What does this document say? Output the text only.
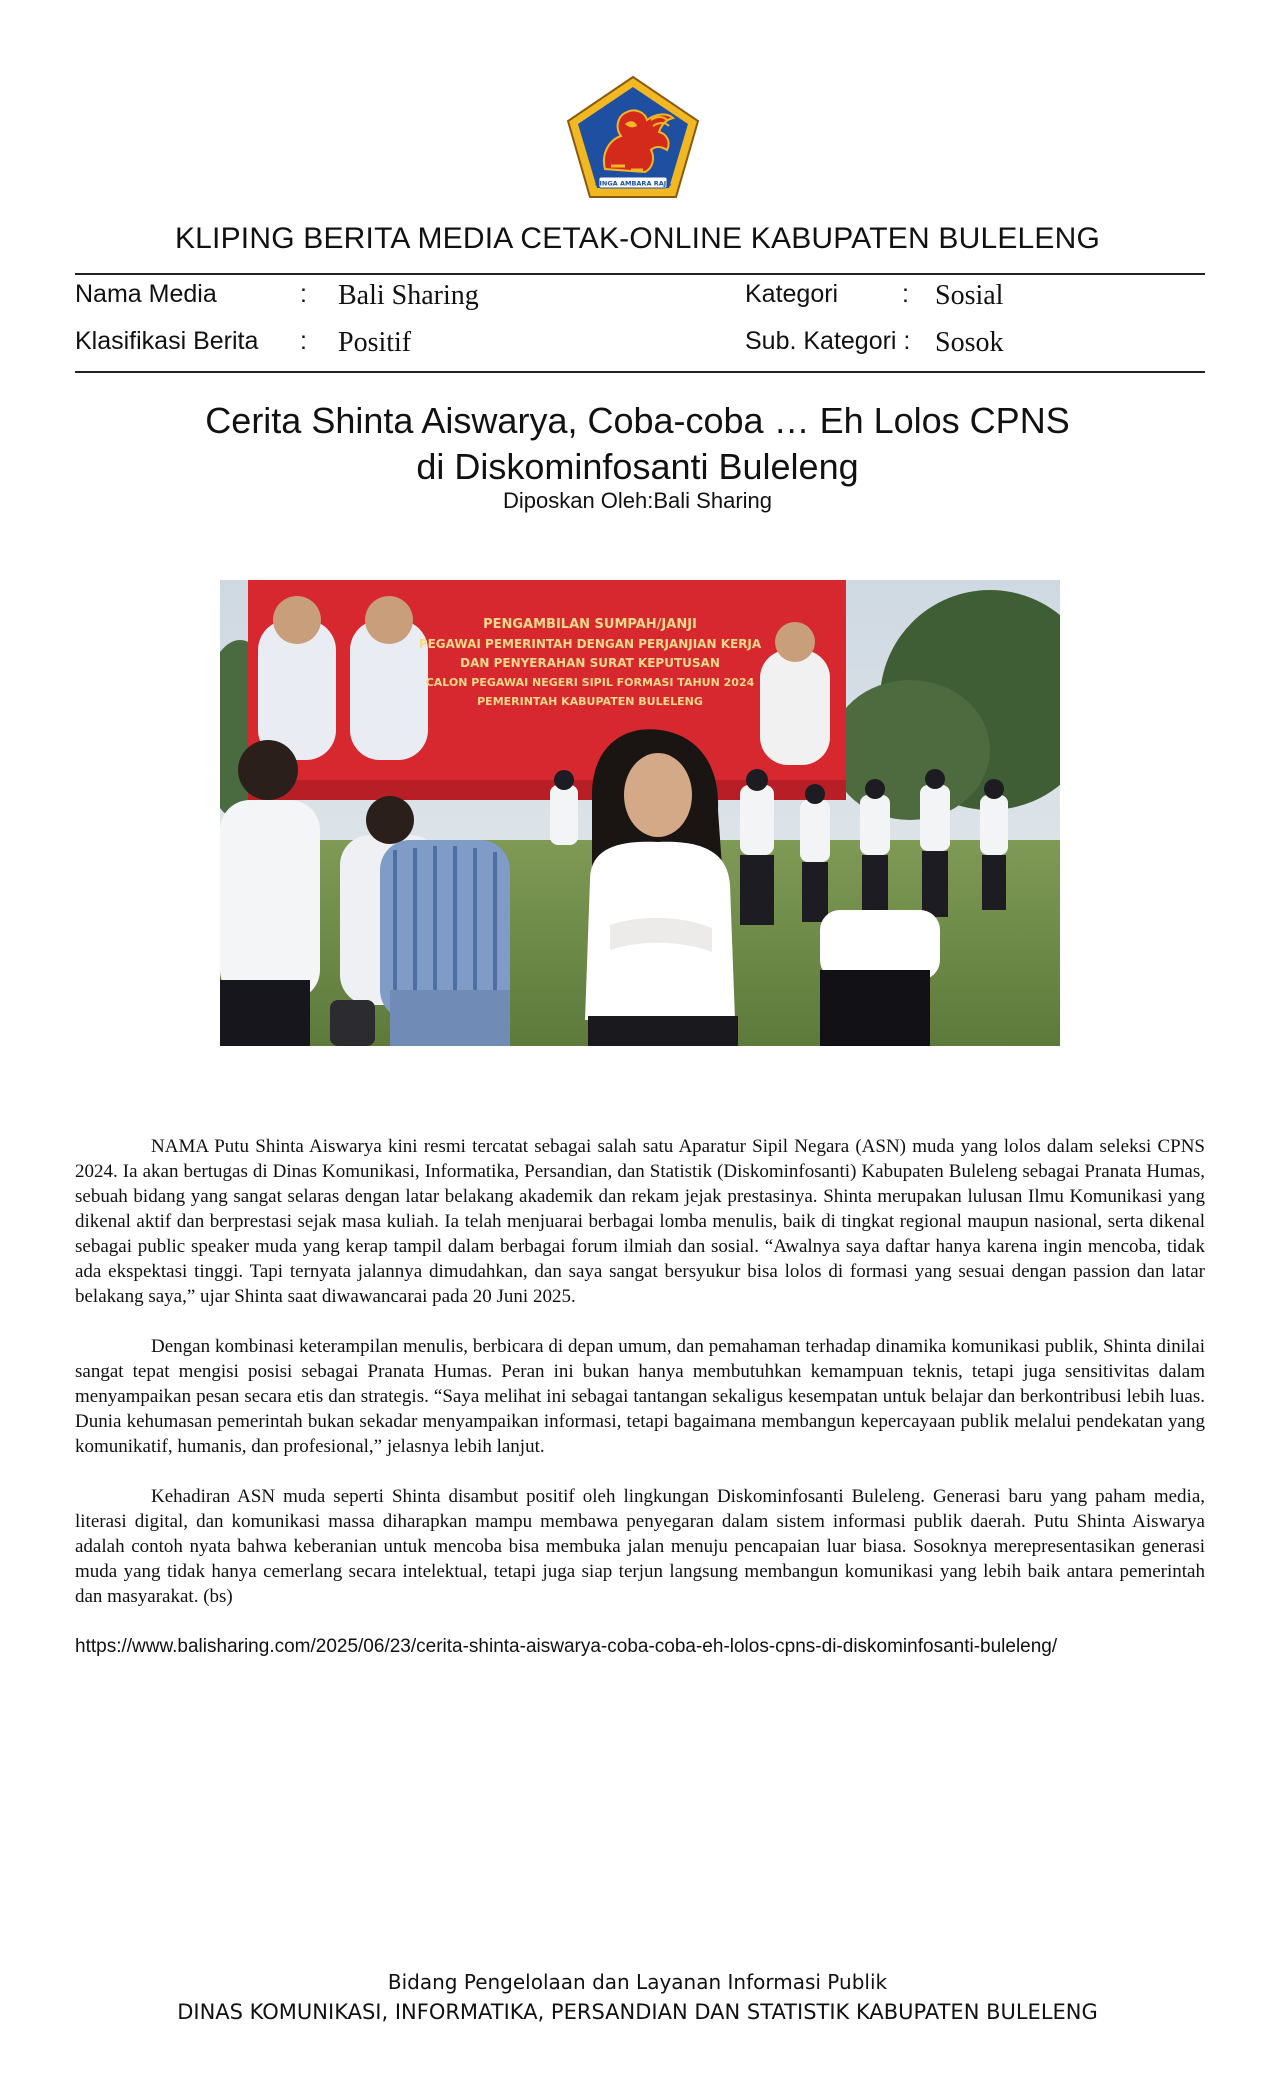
SINGA AMBARA RAJA
KLIPING BERITA MEDIA CETAK-ONLINE KABUPATEN BULELENG
Nama Media	: Bali Sharing	Kategori	: Sosial
Klasifikasi Berita : Positif	Sub. Kategori : Sosok
Cerita Shinta Aiswarya, Coba-coba … Eh Lolos CPNS
di Diskominfosanti Buleleng
Diposkan Oleh:Bali Sharing
PENGAMBILAN SUMPAH/JANJI
PEGAWAI PEMERINTAH DENGAN PERJANJIAN KERJA
DAN PENYERAHAN SURAT KEPUTUSAN
CALON PEGAWAI NEGERI SIPIL FORMASI TAHUN 2024
PEMERINTAH KABUPATEN BULELENG

NAMA Putu Shinta Aiswarya kini resmi tercatat sebagai salah satu Aparatur Sipil Negara (ASN) muda yang lolos dalam seleksi CPNS 2024. Ia akan bertugas di Dinas Komunikasi, Informatika, Persandian, dan Statistik (Diskominfosanti) Kabupaten Buleleng sebagai Pranata Humas, sebuah bidang yang sangat selaras dengan latar belakang akademik dan rekam jejak prestasinya. Shinta merupakan lulusan Ilmu Komunikasi yang dikenal aktif dan berprestasi sejak masa kuliah. Ia telah menjuarai berbagai lomba menulis, baik di tingkat regional maupun nasional, serta dikenal sebagai public speaker muda yang kerap tampil dalam berbagai forum ilmiah dan sosial. “Awalnya saya daftar hanya karena ingin mencoba, tidak ada ekspektasi tinggi. Tapi ternyata jalannya dimudahkan, dan saya sangat bersyukur bisa lolos di formasi yang sesuai dengan passion dan latar belakang saya,” ujar Shinta saat diwawancarai pada 20 Juni 2025.

Dengan kombinasi keterampilan menulis, berbicara di depan umum, dan pemahaman terhadap dinamika komunikasi publik, Shinta dinilai sangat tepat mengisi posisi sebagai Pranata Humas. Peran ini bukan hanya membutuhkan kemampuan teknis, tetapi juga sensitivitas dalam menyampaikan pesan secara etis dan strategis. “Saya melihat ini sebagai tantangan sekaligus kesempatan untuk belajar dan berkontribusi lebih luas. Dunia kehumasan pemerintah bukan sekadar menyampaikan informasi, tetapi bagaimana membangun kepercayaan publik melalui pendekatan yang komunikatif, humanis, dan profesional,” jelasnya lebih lanjut.

Kehadiran ASN muda seperti Shinta disambut positif oleh lingkungan Diskominfosanti Buleleng. Generasi baru yang paham media, literasi digital, dan komunikasi massa diharapkan mampu membawa penyegaran dalam sistem informasi publik daerah. Putu Shinta Aiswarya adalah contoh nyata bahwa keberanian untuk mencoba bisa membuka jalan menuju pencapaian luar biasa. Sosoknya merepresentasikan generasi muda yang tidak hanya cemerlang secara intelektual, tetapi juga siap terjun langsung membangun komunikasi yang lebih baik antara pemerintah dan masyarakat. (bs)

https://www.balisharing.com/2025/06/23/cerita-shinta-aiswarya-coba-coba-eh-lolos-cpns-di-diskominfosanti-buleleng/
Bidang Pengelolaan dan Layanan Informasi Publik
DINAS KOMUNIKASI, INFORMATIKA, PERSANDIAN DAN STATISTIK KABUPATEN BULELENG
